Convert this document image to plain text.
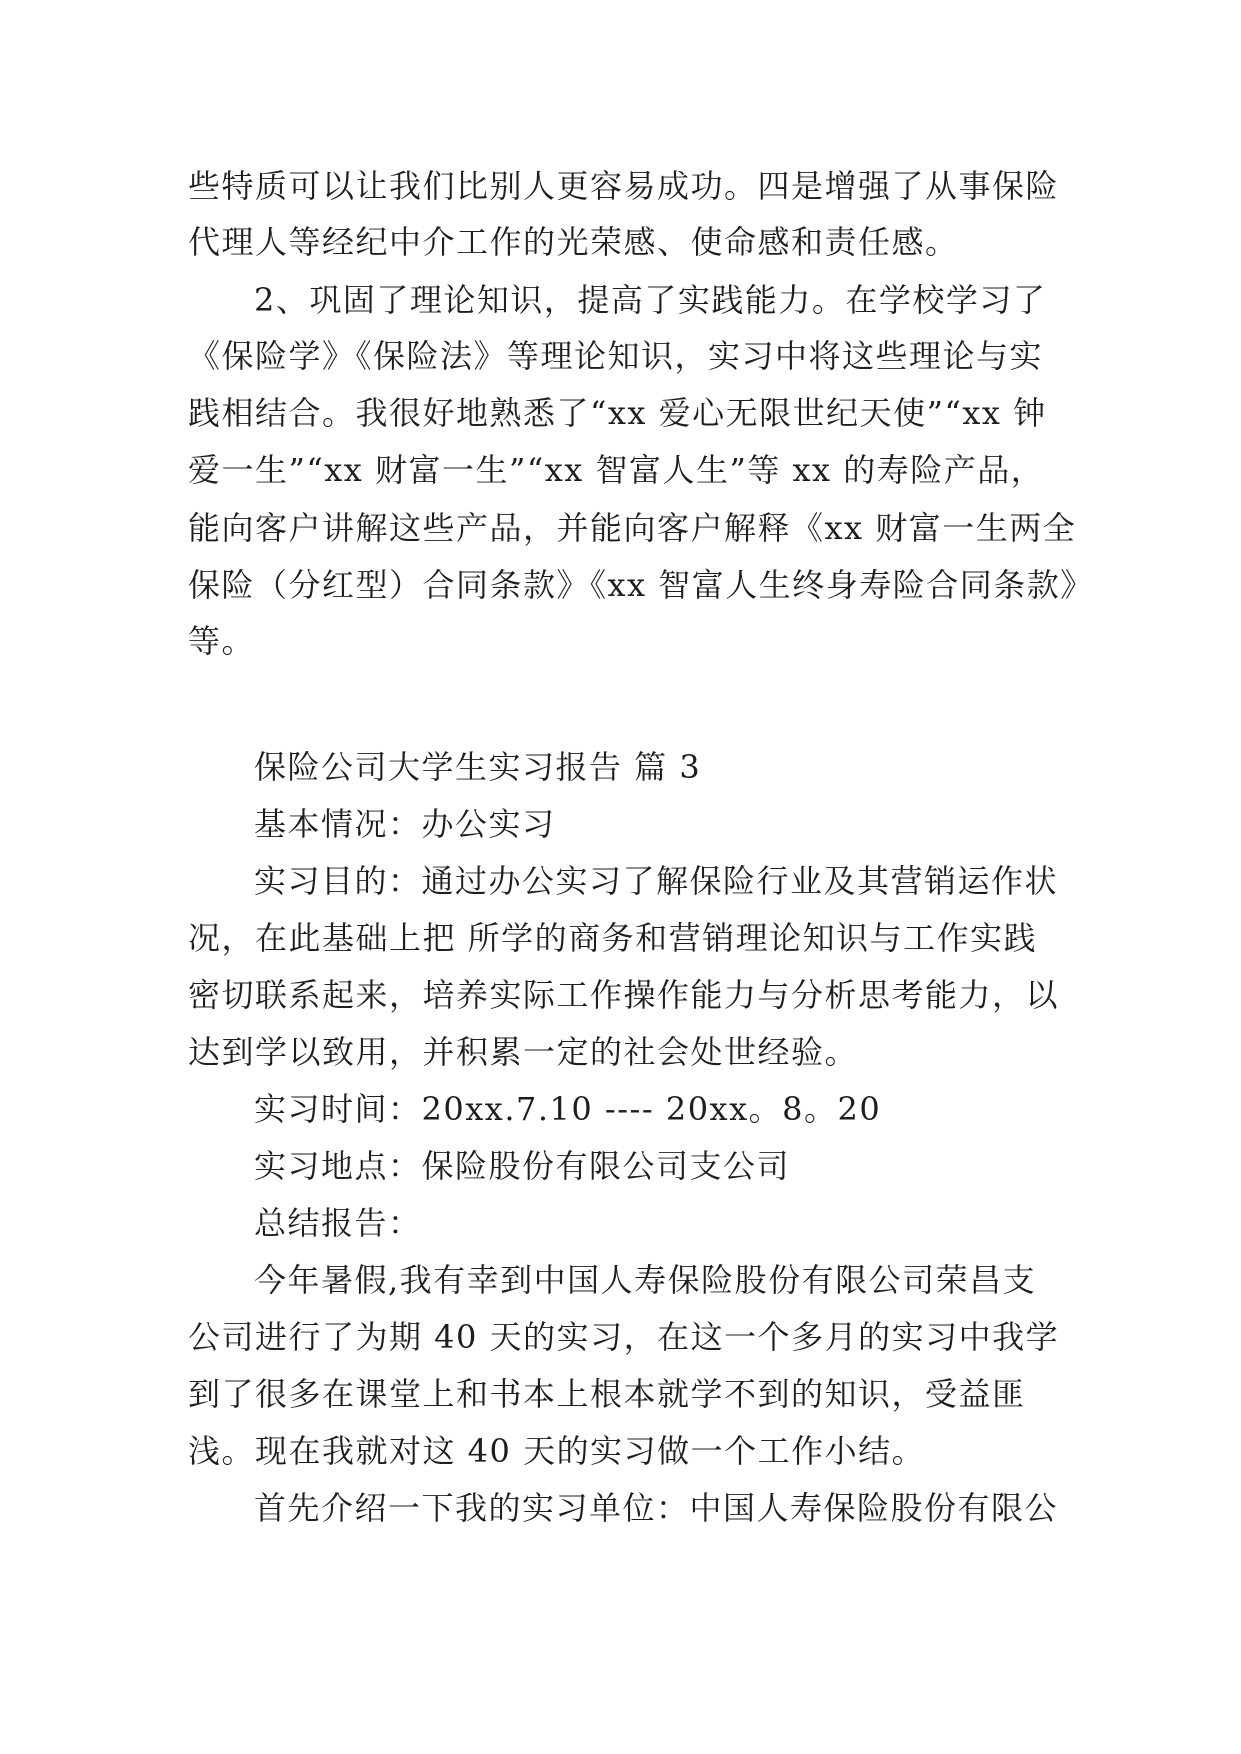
些特质可以让我们比别人更容易成功。四是增强了从事保险
代理人等经纪中介工作的光荣感、使命感和责任感。
2、巩固了理论知识，提高了实践能力。在学校学习了
《保险学》《保险法》等理论知识，实习中将这些理论与实
践相结合。我很好地熟悉了“xx 爱心无限世纪天使”“xx 钟
爱一生”“xx 财富一生”“xx 智富人生”等 xx 的寿险产品，
能向客户讲解这些产品，并能向客户解释《xx 财富一生两全
保险（分红型）合同条款》《xx 智富人生终身寿险合同条款》
等。
保险公司大学生实习报告 篇 3
基本情况：办公实习
实习目的：通过办公实习了解保险行业及其营销运作状
况，在此基础上把 所学的商务和营销理论知识与工作实践
密切联系起来，培养实际工作操作能力与分析思考能力，以
达到学以致用，并积累一定的社会处世经验。
实习时间：20xx.7.10 ---- 20xx。8。20
实习地点：保险股份有限公司支公司
总结报告：
今年暑假,我有幸到中国人寿保险股份有限公司荣昌支
公司进行了为期 40 天的实习，在这一个多月的实习中我学
到了很多在课堂上和书本上根本就学不到的知识，受益匪
浅。现在我就对这 40 天的实习做一个工作小结。
首先介绍一下我的实习单位：中国人寿保险股份有限公
